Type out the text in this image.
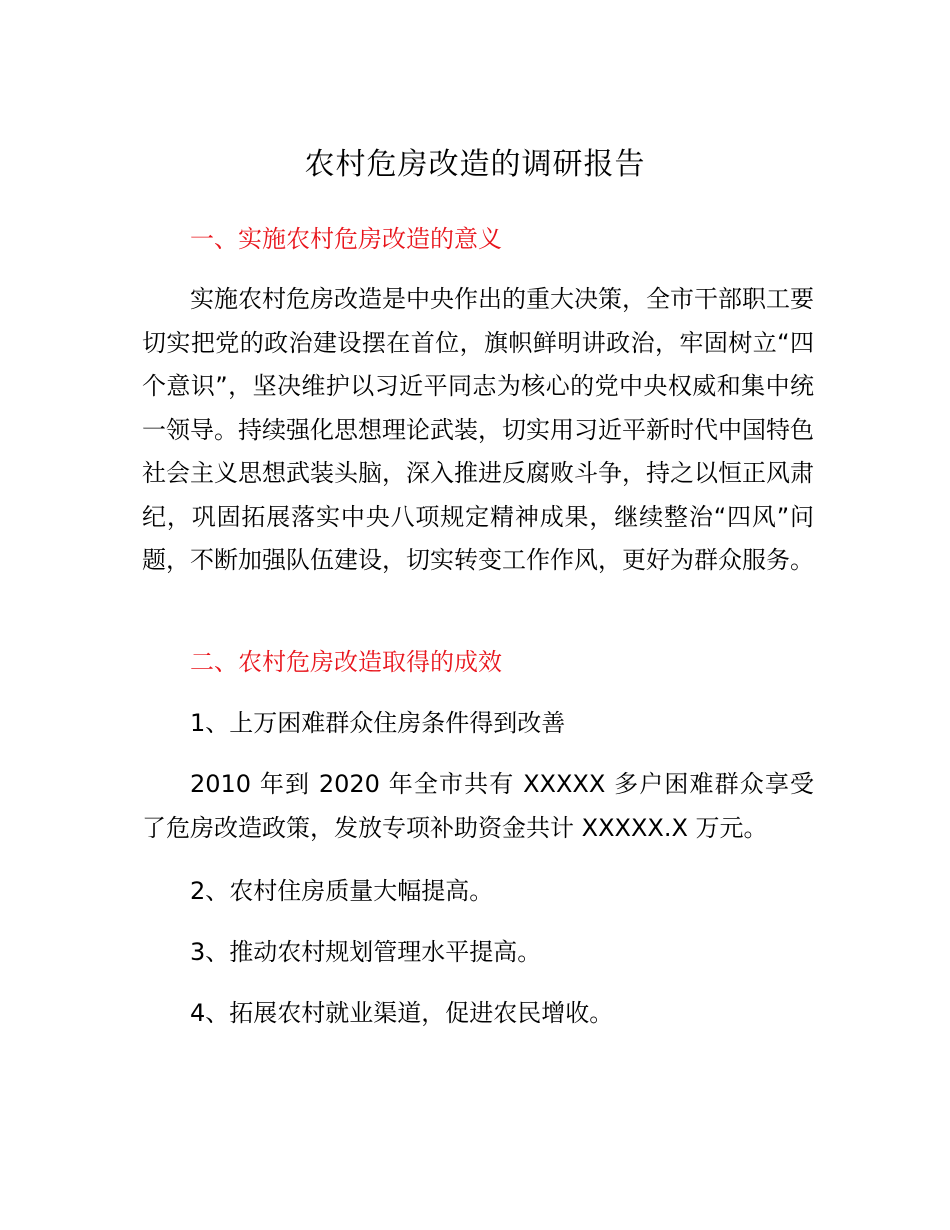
农村危房改造的调研报告
一、实施农村危房改造的意义

实施农村危房改造是中央作出的重大决策，全市干部职工要切实把党的政治建设摆在首位，旗帜鲜明讲政治，牢固树立“四个意识”，坚决维护以习近平同志为核心的党中央权威和集中统一领导。持续强化思想理论武装，切实用习近平新时代中国特色社会主义思想武装头脑，深入推进反腐败斗争，持之以恒正风肃纪，巩固拓展落实中央八项规定精神成果，继续整治“四风”问题，不断加强队伍建设，切实转变工作作风，更好为群众服务。

二、农村危房改造取得的成效
1、上万困难群众住房条件得到改善

2010 年到 2020 年全市共有 XXXXX 多户困难群众享受了危房改造政策，发放专项补助资金共计 XXXXX.X 万元。

2、农村住房质量大幅提高。
3、推动农村规划管理水平提高。
4、拓展农村就业渠道，促进农民增收。
